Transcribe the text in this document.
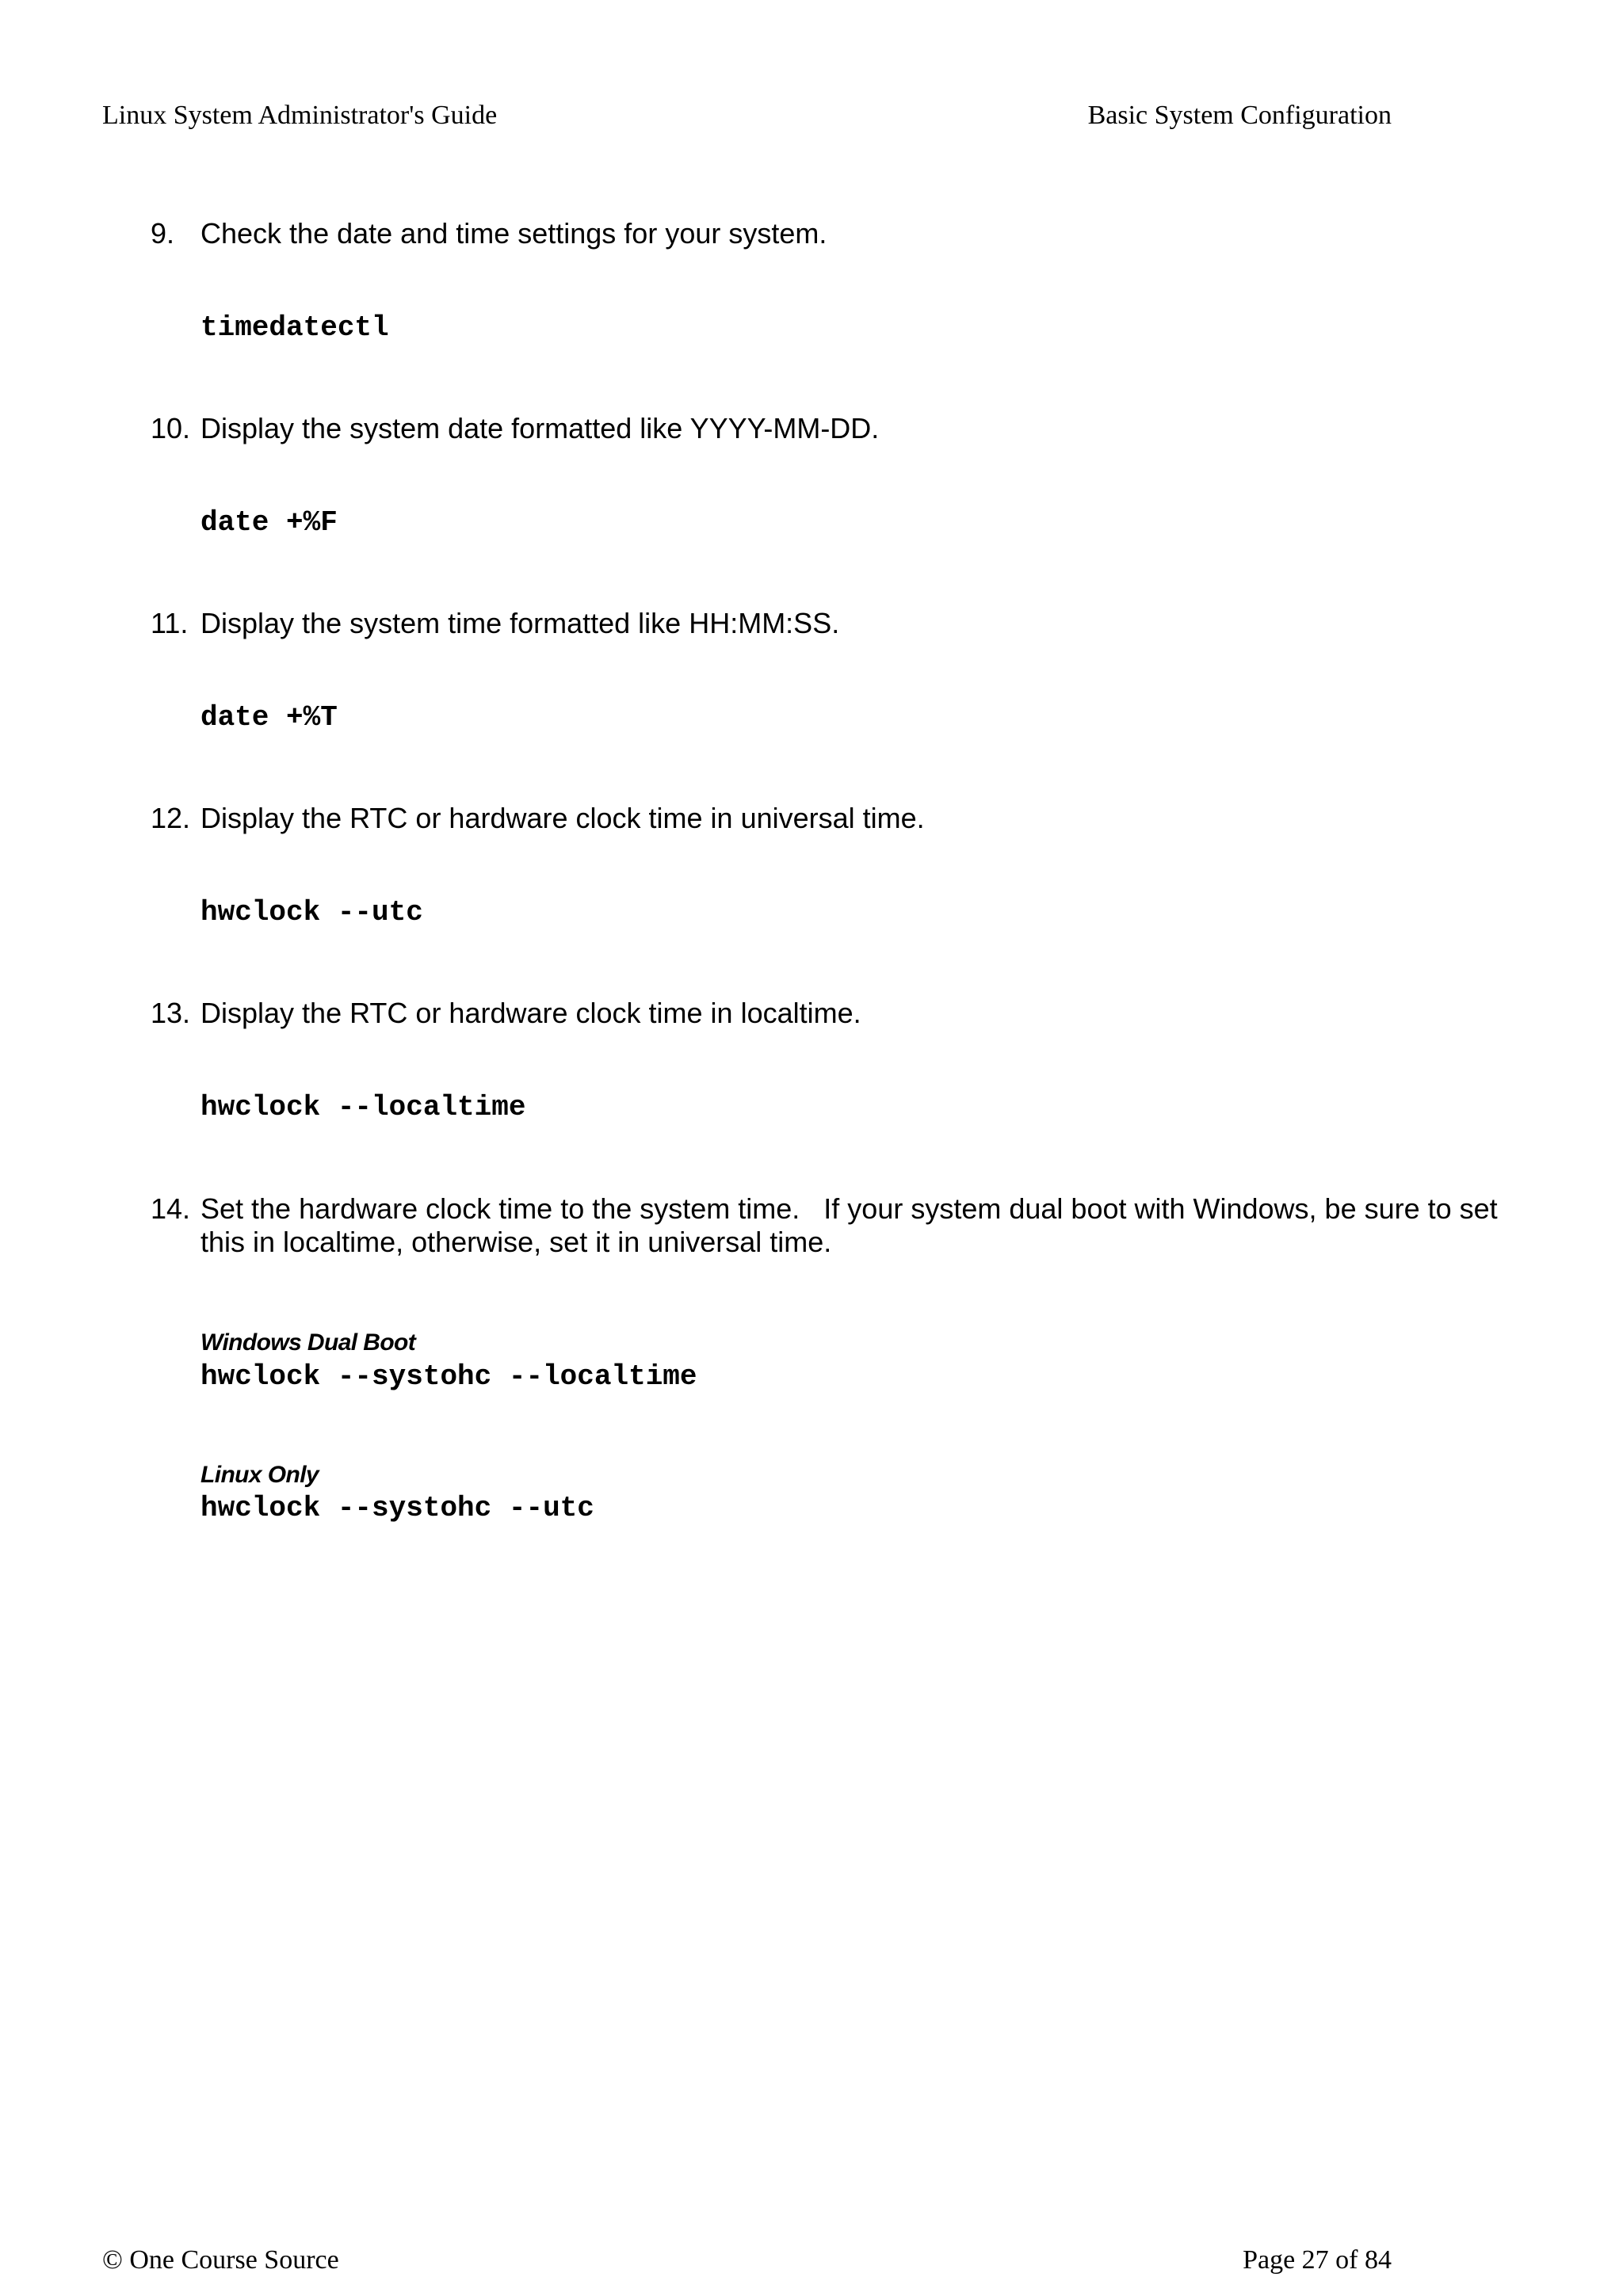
Linux System Administrator's Guide	Basic System Configuration
9. Check the date and time settings for your system.
timedatectl
10. Display the system date formatted like YYYY-MM-DD.
date +%F
11. Display the system time formatted like HH:MM:SS.
date +%T
12. Display the RTC or hardware clock time in universal time.
hwclock --utc
13. Display the RTC or hardware clock time in localtime.
hwclock --localtime
14. Set the hardware clock time to the system time.   If your system dual boot with Windows, be sure to set this in localtime, otherwise, set it in universal time.
Windows Dual Boot
hwclock --systohc --localtime
Linux Only
hwclock --systohc --utc
© One Course Source	Page 27 of 84
